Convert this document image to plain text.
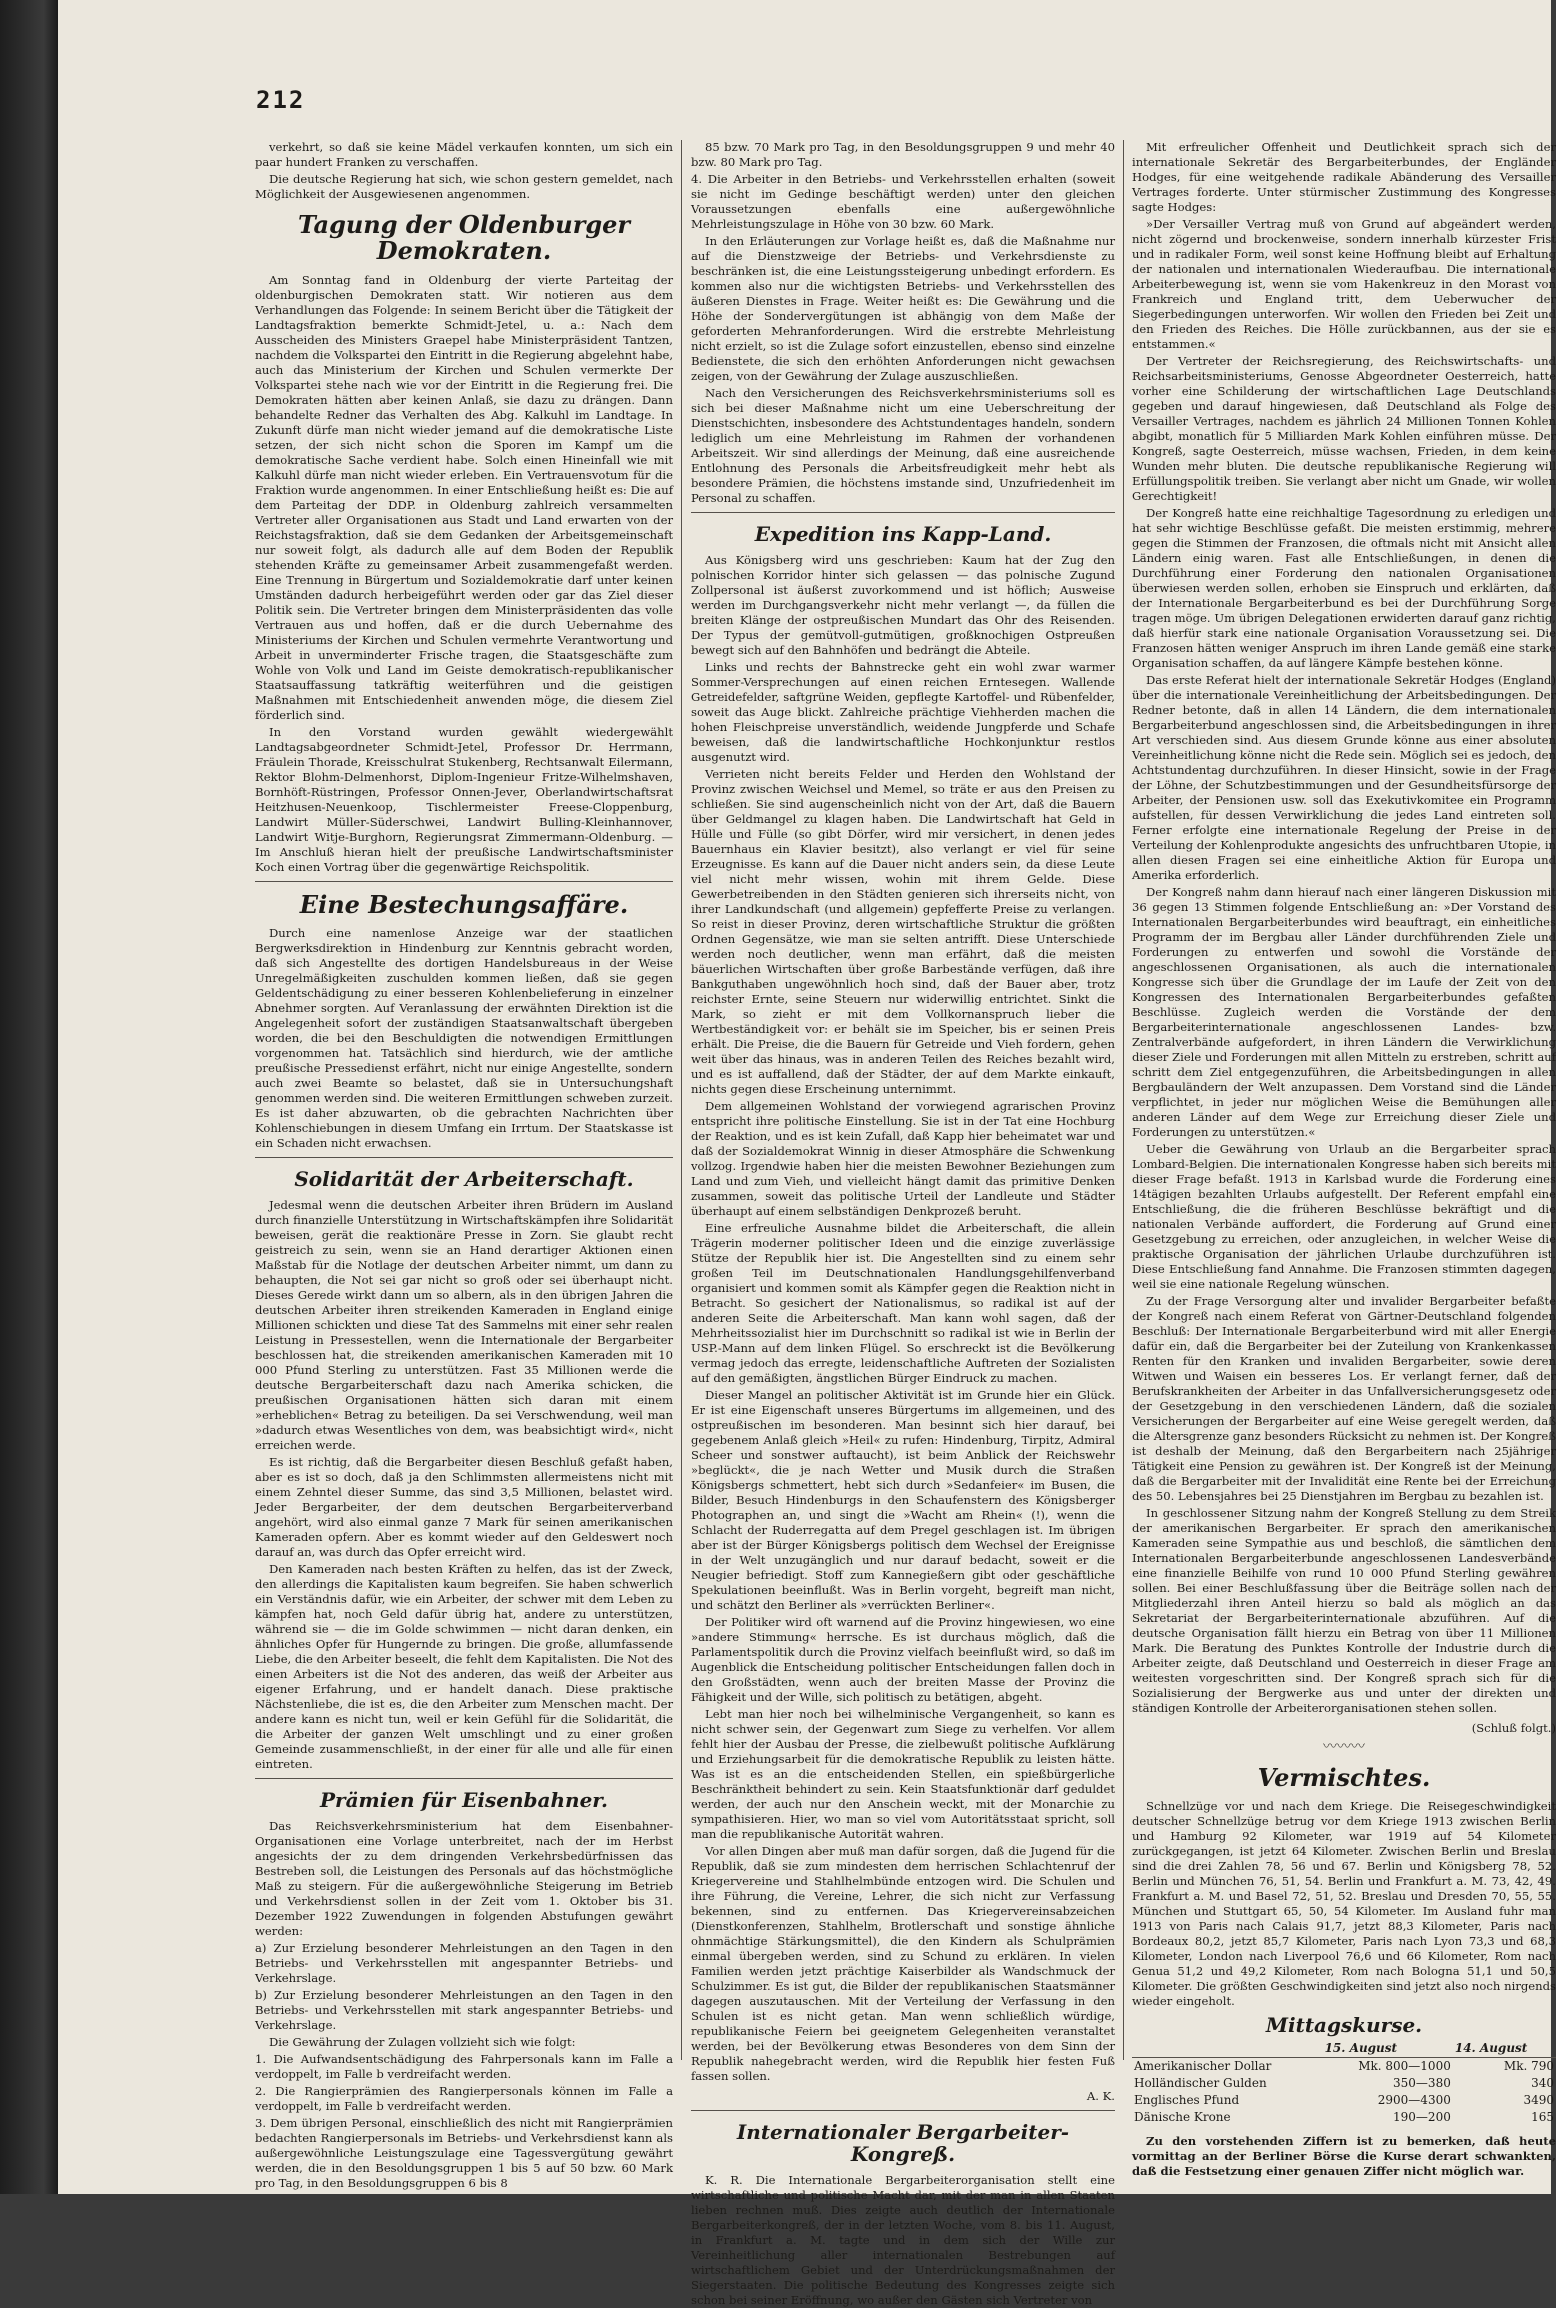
212

verkehrt, so daß sie keine Mädel verkaufen konnten, um sich ein paar hundert Franken zu verschaffen.

Die deutsche Regierung hat sich, wie schon gestern gemeldet, nach Möglichkeit der Ausgewiesenen angenommen.

Tagung der Oldenburger Demokraten.

Am Sonntag fand in Oldenburg der vierte Parteitag der oldenburgischen Demokraten statt. Wir notieren aus dem Verhandlungen das Folgende: In seinem Bericht über die Tätigkeit der Landtagsfraktion bemerkte Schmidt-Jetel, u. a.: Nach dem Ausscheiden des Ministers Graepel habe Ministerpräsident Tantzen, nachdem die Volkspartei den Eintritt in die Regierung abgelehnt habe, auch das Ministerium der Kirchen und Schulen vermerkte Der Volkspartei stehe nach wie vor der Eintritt in die Regierung frei. Die Demokraten hätten aber keinen Anlaß, sie dazu zu drängen. Dann behandelte Redner das Verhalten des Abg. Kalkuhl im Landtage. In Zukunft dürfe man nicht wieder jemand auf die demokratische Liste setzen, der sich nicht schon die Sporen im Kampf um die demokratische Sache verdient habe. Solch einen Hineinfall wie mit Kalkuhl dürfe man nicht wieder erleben. Ein Vertrauensvotum für die Fraktion wurde angenommen. In einer Entschließung heißt es: Die auf dem Parteitag der DDP. in Oldenburg zahlreich versammelten Vertreter aller Organisationen aus Stadt und Land erwarten von der Reichstagsfraktion, daß sie dem Gedanken der Arbeitsgemeinschaft nur soweit folgt, als dadurch alle auf dem Boden der Republik stehenden Kräfte zu gemeinsamer Arbeit zusammengefaßt werden. Eine Trennung in Bürgertum und Sozialdemokratie darf unter keinen Umständen dadurch herbeigeführt werden oder gar das Ziel dieser Politik sein. Die Vertreter bringen dem Ministerpräsidenten das volle Vertrauen aus und hoffen, daß er die durch Uebernahme des Ministeriums der Kirchen und Schulen vermehrte Verantwortung und Arbeit in unverminderter Frische tragen, die Staatsgeschäfte zum Wohle von Volk und Land im Geiste demokratisch-republikanischer Staatsauffassung tatkräftig weiterführen und die geistigen Maßnahmen mit Entschiedenheit anwenden möge, die diesem Ziel förderlich sind.

In den Vorstand wurden gewählt wiedergewählt Landtagsabgeordneter Schmidt-Jetel, Professor Dr. Herrmann, Fräulein Thorade, Kreisschulrat Stukenberg, Rechtsanwalt Eilermann, Rektor Blohm-Delmenhorst, Diplom-Ingenieur Fritze-Wilhelmshaven, Bornhöft-Rüstringen, Professor Onnen-Jever, Oberlandwirtschaftsrat Heitzhusen-Neuenkoop, Tischlermeister Freese-Cloppenburg, Landwirt Müller-Süderschwei, Landwirt Bulling-Kleinhannover, Landwirt Witje-Burghorn, Regierungsrat Zimmermann-Oldenburg. — Im Anschluß hieran hielt der preußische Landwirtschaftsminister Koch einen Vortrag über die gegenwärtige Reichspolitik.

Eine Bestechungsaffäre.

Durch eine namenlose Anzeige war der staatlichen Bergwerksdirektion in Hindenburg zur Kenntnis gebracht worden, daß sich Angestellte des dortigen Handelsbureaus in der Weise Unregelmäßigkeiten zuschulden kommen ließen, daß sie gegen Geldentschädigung zu einer besseren Kohlenbelieferung in einzelner Abnehmer sorgten. Auf Veranlassung der erwähnten Direktion ist die Angelegenheit sofort der zuständigen Staatsanwaltschaft übergeben worden, die bei den Beschuldigten die notwendigen Ermittlungen vorgenommen hat. Tatsächlich sind hierdurch, wie der amtliche preußische Pressedienst erfährt, nicht nur einige Angestellte, sondern auch zwei Beamte so belastet, daß sie in Untersuchungshaft genommen werden sind. Die weiteren Ermittlungen schweben zurzeit. Es ist daher abzuwarten, ob die gebrachten Nachrichten über Kohlenschiebungen in diesem Umfang ein Irrtum. Der Staatskasse ist ein Schaden nicht erwachsen.

Solidarität der Arbeiterschaft.

Jedesmal wenn die deutschen Arbeiter ihren Brüdern im Ausland durch finanzielle Unterstützung in Wirtschaftskämpfen ihre Solidarität beweisen, gerät die reaktionäre Presse in Zorn. Sie glaubt recht geistreich zu sein, wenn sie an Hand derartiger Aktionen einen Maßstab für die Notlage der deutschen Arbeiter nimmt, um dann zu behaupten, die Not sei gar nicht so groß oder sei überhaupt nicht. Dieses Gerede wirkt dann um so albern, als in den übrigen Jahren die deutschen Arbeiter ihren streikenden Kameraden in England einige Millionen schickten und diese Tat des Sammelns mit einer sehr realen Leistung in Pressestellen, wenn die Internationale der Bergarbeiter beschlossen hat, die streikenden amerikanischen Kameraden mit 10 000 Pfund Sterling zu unterstützen. Fast 35 Millionen werde die deutsche Bergarbeiterschaft dazu nach Amerika schicken, die preußischen Organisationen hätten sich daran mit einem »erheblichen« Betrag zu beteiligen. Da sei Verschwendung, weil man »dadurch etwas Wesentliches von dem, was beabsichtigt wird«, nicht erreichen werde.

Es ist richtig, daß die Bergarbeiter diesen Beschluß gefaßt haben, aber es ist so doch, daß ja den Schlimmsten allermeistens nicht mit einem Zehntel dieser Summe, das sind 3,5 Millionen, belastet wird. Jeder Bergarbeiter, der dem deutschen Bergarbeiterverband angehört, wird also einmal ganze 7 Mark für seinen amerikanischen Kameraden opfern. Aber es kommt wieder auf den Geldeswert noch darauf an, was durch das Opfer erreicht wird.

Den Kameraden nach besten Kräften zu helfen, das ist der Zweck, den allerdings die Kapitalisten kaum begreifen. Sie haben schwerlich ein Verständnis dafür, wie ein Arbeiter, der schwer mit dem Leben zu kämpfen hat, noch Geld dafür übrig hat, andere zu unterstützen, während sie — die im Golde schwimmen — nicht daran denken, ein ähnliches Opfer für Hungernde zu bringen. Die große, allumfassende Liebe, die den Arbeiter beseelt, die fehlt dem Kapitalisten. Die Not des einen Arbeiters ist die Not des anderen, das weiß der Arbeiter aus eigener Erfahrung, und er handelt danach. Diese praktische Nächstenliebe, die ist es, die den Arbeiter zum Menschen macht. Der andere kann es nicht tun, weil er kein Gefühl für die Solidarität, die die Arbeiter der ganzen Welt umschlingt und zu einer großen Gemeinde zusammenschließt, in der einer für alle und alle für einen eintreten.

Prämien für Eisenbahner.

Das Reichsverkehrsministerium hat dem Eisenbahner-Organisationen eine Vorlage unterbreitet, nach der im Herbst angesichts der zu dem dringenden Verkehrsbedürfnissen das Bestreben soll, die Leistungen des Personals auf das höchstmögliche Maß zu steigern. Für die außergewöhnliche Steigerung im Betrieb und Verkehrsdienst sollen in der Zeit vom 1. Oktober bis 31. Dezember 1922 Zuwendungen in folgenden Abstufungen gewährt werden:

a) Zur Erzielung besonderer Mehrleistungen an den Tagen in den Betriebs- und Verkehrsstellen mit angespannter Betriebs- und Verkehrslage.

b) Zur Erzielung besonderer Mehrleistungen an den Tagen in den Betriebs- und Verkehrsstellen mit stark angespannter Betriebs- und Verkehrslage.

Die Gewährung der Zulagen vollzieht sich wie folgt:

1. Die Aufwandsentschädigung des Fahrpersonals kann im Falle a verdoppelt, im Falle b verdreifacht werden.

2. Die Rangierprämien des Rangierpersonals können im Falle a verdoppelt, im Falle b verdreifacht werden.

3. Dem übrigen Personal, einschließlich des nicht mit Rangierprämien bedachten Rangierpersonals im Betriebs- und Verkehrsdienst kann als außergewöhnliche Leistungszulage eine Tagessvergütung gewährt werden, die in den Besoldungsgruppen 1 bis 5 auf 50 bzw. 60 Mark pro Tag, in den Besoldungsgruppen 6 bis 8

85 bzw. 70 Mark pro Tag, in den Besoldungsgruppen 9 und mehr 40 bzw. 80 Mark pro Tag.

4. Die Arbeiter in den Betriebs- und Verkehrsstellen erhalten (soweit sie nicht im Gedinge beschäftigt werden) unter den gleichen Voraussetzungen ebenfalls eine außergewöhnliche Mehrleistungszulage in Höhe von 30 bzw. 60 Mark.

In den Erläuterungen zur Vorlage heißt es, daß die Maßnahme nur auf die Dienstzweige der Betriebs- und Verkehrsdienste zu beschränken ist, die eine Leistungssteigerung unbedingt erfordern. Es kommen also nur die wichtigsten Betriebs- und Verkehrsstellen des äußeren Dienstes in Frage. Weiter heißt es: Die Gewährung und die Höhe der Sondervergütungen ist abhängig von dem Maße der geforderten Mehranforderungen. Wird die erstrebte Mehrleistung nicht erzielt, so ist die Zulage sofort einzustellen, ebenso sind einzelne Bedienstete, die sich den erhöhten Anforderungen nicht gewachsen zeigen, von der Gewährung der Zulage auszuschließen.

Nach den Versicherungen des Reichsverkehrsministeriums soll es sich bei dieser Maßnahme nicht um eine Ueberschreitung der Dienstschichten, insbesondere des Achtstundentages handeln, sondern lediglich um eine Mehrleistung im Rahmen der vorhandenen Arbeitszeit. Wir sind allerdings der Meinung, daß eine ausreichende Entlohnung des Personals die Arbeitsfreudigkeit mehr hebt als besondere Prämien, die höchstens imstande sind, Unzufriedenheit im Personal zu schaffen.

Expedition ins Kapp-Land.

Aus Königsberg wird uns geschrieben: Kaum hat der Zug den polnischen Korridor hinter sich gelassen — das polnische Zugund Zollpersonal ist äußerst zuvorkommend und ist höflich; Ausweise werden im Durchgangsverkehr nicht mehr verlangt —, da füllen die breiten Klänge der ostpreußischen Mundart das Ohr des Reisenden. Der Typus der gemütvoll-gutmütigen, großknochigen Ostpreußen bewegt sich auf den Bahnhöfen und bedrängt die Abteile.

Links und rechts der Bahnstrecke geht ein wohl zwar warmer Sommer-Versprechungen auf einen reichen Erntesegen. Wallende Getreidefelder, saftgrüne Weiden, gepflegte Kartoffel- und Rübenfelder, soweit das Auge blickt. Zahlreiche prächtige Viehherden machen die hohen Fleischpreise unverständlich, weidende Jungpferde und Schafe beweisen, daß die landwirtschaftliche Hochkonjunktur restlos ausgenutzt wird.

Verrieten nicht bereits Felder und Herden den Wohlstand der Provinz zwischen Weichsel und Memel, so träte er aus den Preisen zu schließen. Sie sind augenscheinlich nicht von der Art, daß die Bauern über Geldmangel zu klagen haben. Die Landwirtschaft hat Geld in Hülle und Fülle (so gibt Dörfer, wird mir versichert, in denen jedes Bauernhaus ein Klavier besitzt), also verlangt er viel für seine Erzeugnisse. Es kann auf die Dauer nicht anders sein, da diese Leute viel nicht mehr wissen, wohin mit ihrem Gelde. Diese Gewerbetreibenden in den Städten genieren sich ihrerseits nicht, von ihrer Landkundschaft (und allgemein) gepfefferte Preise zu verlangen. So reist in dieser Provinz, deren wirtschaftliche Struktur die größten Ordnen Gegensätze, wie man sie selten antrifft. Diese Unterschiede werden noch deutlicher, wenn man erfährt, daß die meisten bäuerlichen Wirtschaften über große Barbestände verfügen, daß ihre Bankguthaben ungewöhnlich hoch sind, daß der Bauer aber, trotz reichster Ernte, seine Steuern nur widerwillig entrichtet. Sinkt die Mark, so zieht er mit dem Vollkornanspruch lieber die Wertbeständigkeit vor: er behält sie im Speicher, bis er seinen Preis erhält. Die Preise, die die Bauern für Getreide und Vieh fordern, gehen weit über das hinaus, was in anderen Teilen des Reiches bezahlt wird, und es ist auffallend, daß der Städter, der auf dem Markte einkauft, nichts gegen diese Erscheinung unternimmt.

Dem allgemeinen Wohlstand der vorwiegend agrarischen Provinz entspricht ihre politische Einstellung. Sie ist in der Tat eine Hochburg der Reaktion, und es ist kein Zufall, daß Kapp hier beheimatet war und daß der Sozialdemokrat Winnig in dieser Atmosphäre die Schwenkung vollzog. Irgendwie haben hier die meisten Bewohner Beziehungen zum Land und zum Vieh, und vielleicht hängt damit das primitive Denken zusammen, soweit das politische Urteil der Landleute und Städter überhaupt auf einem selbständigen Denkprozeß beruht.

Eine erfreuliche Ausnahme bildet die Arbeiterschaft, die allein Trägerin moderner politischer Ideen und die einzige zuverlässige Stütze der Republik hier ist. Die Angestellten sind zu einem sehr großen Teil im Deutschnationalen Handlungsgehilfenverband organisiert und kommen somit als Kämpfer gegen die Reaktion nicht in Betracht. So gesichert der Nationalismus, so radikal ist auf der anderen Seite die Arbeiterschaft. Man kann wohl sagen, daß der Mehrheitssozialist hier im Durchschnitt so radikal ist wie in Berlin der USP.-Mann auf dem linken Flügel. So erschreckt ist die Bevölkerung vermag jedoch das erregte, leidenschaftliche Auftreten der Sozialisten auf den gemäßigten, ängstlichen Bürger Eindruck zu machen.

Dieser Mangel an politischer Aktivität ist im Grunde hier ein Glück. Er ist eine Eigenschaft unseres Bürgertums im allgemeinen, und des ostpreußischen im besonderen. Man besinnt sich hier darauf, bei gegebenem Anlaß gleich »Heil« zu rufen: Hindenburg, Tirpitz, Admiral Scheer und sonstwer auftaucht), ist beim Anblick der Reichswehr »beglückt«, die je nach Wetter und Musik durch die Straßen Königsbergs schmettert, hebt sich durch »Sedanfeier« im Busen, die Bilder, Besuch Hindenburgs in den Schaufenstern des Königsberger Photographen an, und singt die »Wacht am Rhein« (!), wenn die Schlacht der Ruderregatta auf dem Pregel geschlagen ist. Im übrigen aber ist der Bürger Königsbergs politisch dem Wechsel der Ereignisse in der Welt unzugänglich und nur darauf bedacht, soweit er die Neugier befriedigt. Stoff zum Kannegießern gibt oder geschäftliche Spekulationen beeinflußt. Was in Berlin vorgeht, begreift man nicht, und schätzt den Berliner als »verrückten Berliner«.

Der Politiker wird oft warnend auf die Provinz hingewiesen, wo eine »andere Stimmung« herrsche. Es ist durchaus möglich, daß die Parlamentspolitik durch die Provinz vielfach beeinflußt wird, so daß im Augenblick die Entscheidung politischer Entscheidungen fallen doch in den Großstädten, wenn auch der breiten Masse der Provinz die Fähigkeit und der Wille, sich politisch zu betätigen, abgeht.

Lebt man hier noch bei wilhelminische Vergangenheit, so kann es nicht schwer sein, der Gegenwart zum Siege zu verhelfen. Vor allem fehlt hier der Ausbau der Presse, die zielbewußt politische Aufklärung und Erziehungsarbeit für die demokratische Republik zu leisten hätte. Was ist es an die entscheidenden Stellen, ein spießbürgerliche Beschränktheit behindert zu sein. Kein Staatsfunktionär darf geduldet werden, der auch nur den Anschein weckt, mit der Monarchie zu sympathisieren. Hier, wo man so viel vom Autoritätsstaat spricht, soll man die republikanische Autorität wahren.

Vor allen Dingen aber muß man dafür sorgen, daß die Jugend für die Republik, daß sie zum mindesten dem herrischen Schlachtenruf der Kriegervereine und Stahlhelmbünde entzogen wird. Die Schulen und ihre Führung, die Vereine, Lehrer, die sich nicht zur Verfassung bekennen, sind zu entfernen. Das Kriegervereinsabzeichen (Dienstkonferenzen, Stahlhelm, Brotlerschaft und sonstige ähnliche ohnmächtige Stärkungsmittel), die den Kindern als Schulprämien einmal übergeben werden, sind zu Schund zu erklären. In vielen Familien werden jetzt prächtige Kaiserbilder als Wandschmuck der Schulzimmer. Es ist gut, die Bilder der republikanischen Staatsmänner dagegen auszutauschen. Mit der Verteilung der Verfassung in den Schulen ist es nicht getan. Man wenn schließlich würdige, republikanische Feiern bei geeignetem Gelegenheiten veranstaltet werden, bei der Bevölkerung etwas Besonderes von dem Sinn der Republik nahegebracht werden, wird die Republik hier festen Fuß fassen sollen.

A. K.
Internationaler Bergarbeiter-Kongreß.

K. R. Die Internationale Bergarbeiterorganisation stellt eine wirtschaftliche und politische Macht dar, mit der man in allen Staaten lieben rechnen muß. Dies zeigte auch deutlich der Internationale Bergarbeiterkongreß, der in der letzten Woche, vom 8. bis 11. August, in Frankfurt a. M. tagte und in dem sich der Wille zur Vereinheitlichung aller internationalen Bestrebungen auf wirtschaftlichem Gebiet und der Unterdrückungsmaßnahmen der Siegerstaaten. Die politische Bedeutung des Kongresses zeigte sich schon bei seiner Eröffnung, wo außer den Gästen sich Vertreter von

Mit erfreulicher Offenheit und Deutlichkeit sprach sich der internationale Sekretär des Bergarbeiterbundes, der Engländer Hodges, für eine weitgehende radikale Abänderung des Versailler Vertrages forderte. Unter stürmischer Zustimmung des Kongresses sagte Hodges:

»Der Versailler Vertrag muß von Grund auf abgeändert werden, nicht zögernd und brockenweise, sondern innerhalb kürzester Frist und in radikaler Form, weil sonst keine Hoffnung bleibt auf Erhaltung der nationalen und internationalen Wiederaufbau. Die internationale Arbeiterbewegung ist, wenn sie vom Hakenkreuz in den Morast von Frankreich und England tritt, dem Ueberwucher der Siegerbedingungen unterworfen. Wir wollen den Frieden bei Zeit und den Frieden des Reiches. Die Hölle zurückbannen, aus der sie es entstammen.«

Der Vertreter der Reichsregierung, des Reichswirtschafts- und Reichsarbeitsministeriums, Genosse Abgeordneter Oesterreich, hatte vorher eine Schilderung der wirtschaftlichen Lage Deutschlands gegeben und darauf hingewiesen, daß Deutschland als Folge des Versailler Vertrages, nachdem es jährlich 24 Millionen Tonnen Kohlen abgibt, monatlich für 5 Milliarden Mark Kohlen einführen müsse. Der Kongreß, sagte Oesterreich, müsse wachsen, Frieden, in dem keine Wunden mehr bluten. Die deutsche republikanische Regierung will Erfüllungspolitik treiben. Sie verlangt aber nicht um Gnade, wir wollen Gerechtigkeit!

Der Kongreß hatte eine reichhaltige Tagesordnung zu erledigen und hat sehr wichtige Beschlüsse gefaßt. Die meisten erstimmig, mehrere gegen die Stimmen der Franzosen, die oftmals nicht mit Ansicht allen Ländern einig waren. Fast alle Entschließungen, in denen die Durchführung einer Forderung den nationalen Organisationen überwiesen werden sollen, erhoben sie Einspruch und erklärten, daß der Internationale Bergarbeiterbund es bei der Durchführung Sorge tragen möge. Um übrigen Delegationen erwiderten darauf ganz richtig, daß hierfür stark eine nationale Organisation Voraussetzung sei. Die Franzosen hätten weniger Anspruch im ihren Lande gemäß eine starke Organisation schaffen, da auf längere Kämpfe bestehen könne.

Das erste Referat hielt der internationale Sekretär Hodges (England) über die internationale Vereinheitlichung der Arbeitsbedingungen. Der Redner betonte, daß in allen 14 Ländern, die dem internationalen Bergarbeiterbund angeschlossen sind, die Arbeitsbedingungen in ihrer Art verschieden sind. Aus diesem Grunde könne aus einer absoluten Vereinheitlichung könne nicht die Rede sein. Möglich sei es jedoch, den Achtstundentag durchzuführen. In dieser Hinsicht, sowie in der Frage der Löhne, der Schutzbestimmungen und der Gesundheitsfürsorge der Arbeiter, der Pensionen usw. soll das Exekutivkomitee ein Programm aufstellen, für dessen Verwirklichung die jedes Land eintreten soll. Ferner erfolgte eine internationale Regelung der Preise in der Verteilung der Kohlenprodukte angesichts des unfruchtbaren Utopie, in allen diesen Fragen sei eine einheitliche Aktion für Europa und Amerika erforderlich.

Der Kongreß nahm dann hierauf nach einer längeren Diskussion mit 36 gegen 13 Stimmen folgende Entschließung an: »Der Vorstand des Internationalen Bergarbeiterbundes wird beauftragt, ein einheitliches Programm der im Bergbau aller Länder durchführenden Ziele und Forderungen zu entwerfen und sowohl die Vorstände der angeschlossenen Organisationen, als auch die internationalen Kongresse sich über die Grundlage der im Laufe der Zeit von den Kongressen des Internationalen Bergarbeiterbundes gefaßten Beschlüsse. Zugleich werden die Vorstände der dem Bergarbeiterinternationale angeschlossenen Landes- bzw. Zentralverbände aufgefordert, in ihren Ländern die Verwirklichung dieser Ziele und Forderungen mit allen Mitteln zu erstreben, schritt auf schritt dem Ziel entgegenzuführen, die Arbeitsbedingungen in allen Bergbauländern der Welt anzupassen. Dem Vorstand sind die Länder verpflichtet, in jeder nur möglichen Weise die Bemühungen aller anderen Länder auf dem Wege zur Erreichung dieser Ziele und Forderungen zu unterstützen.«

Ueber die Gewährung von Urlaub an die Bergarbeiter sprach Lombard-Belgien. Die internationalen Kongresse haben sich bereits mit dieser Frage befaßt. 1913 in Karlsbad wurde die Forderung eines 14tägigen bezahlten Urlaubs aufgestellt. Der Referent empfahl eine Entschließung, die die früheren Beschlüsse bekräftigt und die nationalen Verbände auffordert, die Forderung auf Grund einer Gesetzgebung zu erreichen, oder anzugleichen, in welcher Weise die praktische Organisation der jährlichen Urlaube durchzuführen ist. Diese Entschließung fand Annahme. Die Franzosen stimmten dagegen, weil sie eine nationale Regelung wünschen.

Zu der Frage Versorgung alter und invalider Bergarbeiter befaßte der Kongreß nach einem Referat von Gärtner-Deutschland folgenden Beschluß: Der Internationale Bergarbeiterbund wird mit aller Energie dafür ein, daß die Bergarbeiter bei der Zuteilung von Krankenkassen Renten für den Kranken und invaliden Bergarbeiter, sowie deren Witwen und Waisen ein besseres Los. Er verlangt ferner, daß der Berufskrankheiten der Arbeiter in das Unfallversicherungsgesetz oder der Gesetzgebung in den verschiedenen Ländern, daß die sozialen Versicherungen der Bergarbeiter auf eine Weise geregelt werden, daß die Altersgrenze ganz besonders Rücksicht zu nehmen ist. Der Kongreß ist deshalb der Meinung, daß den Bergarbeitern nach 25jähriger Tätigkeit eine Pension zu gewähren ist. Der Kongreß ist der Meinung, daß die Bergarbeiter mit der Invalidität eine Rente bei der Erreichung des 50. Lebensjahres bei 25 Dienstjahren im Bergbau zu bezahlen ist.

In geschlossener Sitzung nahm der Kongreß Stellung zu dem Streik der amerikanischen Bergarbeiter. Er sprach den amerikanischen Kameraden seine Sympathie aus und beschloß, die sämtlichen dem Internationalen Bergarbeiterbunde angeschlossenen Landesverbände eine finanzielle Beihilfe von rund 10 000 Pfund Sterling gewähren sollen. Bei einer Beschlußfassung über die Beiträge sollen nach der Mitgliederzahl ihren Anteil hierzu so bald als möglich an das Sekretariat der Bergarbeiterinternationale abzuführen. Auf die deutsche Organisation fällt hierzu ein Betrag von über 11 Millionen Mark. Die Beratung des Punktes Kontrolle der Industrie durch die Arbeiter zeigte, daß Deutschland und Oesterreich in dieser Frage am weitesten vorgeschritten sind. Der Kongreß sprach sich für die Sozialisierung der Bergwerke aus und unter der direkten und ständigen Kontrolle der Arbeiterorganisationen stehen sollen.

(Schluß folgt.)
〰〰〰
Vermischtes.

Schnellzüge vor und nach dem Kriege. Die Reisegeschwindigkeit deutscher Schnellzüge betrug vor dem Kriege 1913 zwischen Berlin und Hamburg 92 Kilometer, war 1919 auf 54 Kilometer zurückgegangen, ist jetzt 64 Kilometer. Zwischen Berlin und Breslau sind die drei Zahlen 78, 56 und 67. Berlin und Königsberg 78, 52. Berlin und München 76, 51, 54. Berlin und Frankfurt a. M. 73, 42, 49. Frankfurt a. M. und Basel 72, 51, 52. Breslau und Dresden 70, 55, 55. München und Stuttgart 65, 50, 54 Kilometer. Im Ausland fuhr man 1913 von Paris nach Calais 91,7, jetzt 88,3 Kilometer, Paris nach Bordeaux 80,2, jetzt 85,7 Kilometer, Paris nach Lyon 73,3 und 68,3 Kilometer, London nach Liverpool 76,6 und 66 Kilometer, Rom nach Genua 51,2 und 49,2 Kilometer, Rom nach Bologna 51,1 und 50,5 Kilometer. Die größten Geschwindigkeiten sind jetzt also noch nirgends wieder eingeholt.

Mittagskurse.
	15. August	14. August
Amerikanischer Dollar	Mk. 800—1000	Mk. 790
Holländischer Gulden	350—380	340
Englisches Pfund	2900—4300	3490
Dänische Krone	190—200	165

Zu den vorstehenden Ziffern ist zu bemerken, daß heute vormittag an der Berliner Börse die Kurse derart schwankten, daß die Festsetzung einer genauen Ziffer nicht möglich war.
